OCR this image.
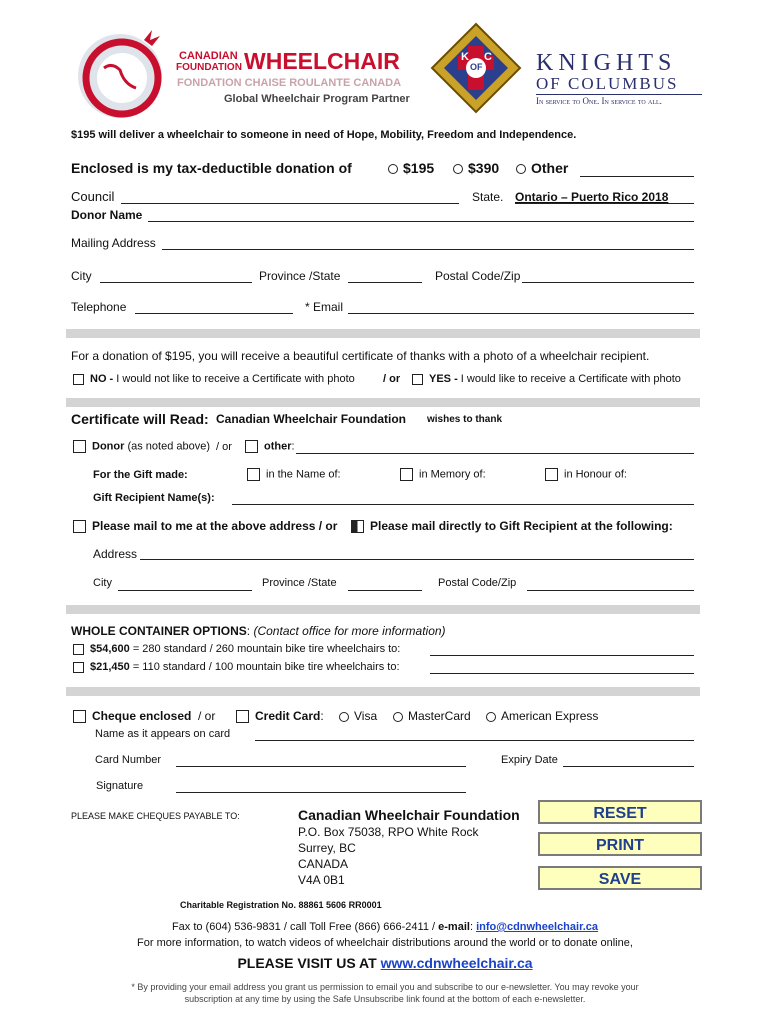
CANADIAN
FOUNDATION WHEELCHAIR
FONDATION CHAISE ROULANTE CANADA
Global Wheelchair Program Partner
K
OF
C KNIGHTS
OF COLUMBUS
In service to One. In service to all.
$195 will deliver a wheelchair to someone in need of Hope, Mobility, Freedom and Independence.
Enclosed is my tax-deductible donation of	$195	$390	Other
Council	State. Ontario – Puerto Rico 2018
Donor Name
Mailing Address
City	Province /State	Postal Code/Zip
Telephone	* Email
For a donation of $195, you will receive a beautiful certificate of thanks with a photo of a wheelchair recipient.
NO - I would not like to receive a Certificate with photo	/ or	YES - I would like to receive a Certificate with photo
Certificate will Read: Canadian Wheelchair Foundation wishes to thank
Donor (as noted above) / or	other:
For the Gift made:	in the Name of:	in Memory of:	in Honour of:
Gift Recipient Name(s):
Please mail to me at the above address / or	Please mail directly to Gift Recipient at the following:
Address
City	Province /State	Postal Code/Zip
WHOLE CONTAINER OPTIONS: (Contact office for more information)
$54,600 = 280 standard / 260 mountain bike tire wheelchairs to:
$21,450 = 110 standard / 100 mountain bike tire wheelchairs to:
Cheque enclosed / or	Credit Card:	Visa	MasterCard	American Express
Name as it appears on card
Card Number	Expiry Date
Signature
PLEASE MAKE CHEQUES PAYABLE TO:	Canadian Wheelchair Foundation
P.O. Box 75038, RPO White Rock
Surrey, BC
CANADA
V4A 0B1
RESET
PRINT
SAVE
Charitable Registration No. 88861 5606 RR0001
Fax to (604) 536-9831 / call Toll Free (866) 666-2411 / e-mail: info@cdnwheelchair.ca
For more information, to watch videos of wheelchair distributions around the world or to donate online,
PLEASE VISIT US AT www.cdnwheelchair.ca
* By providing your email address you grant us permission to email you and subscribe to our e-newsletter. You may revoke your
subscription at any time by using the Safe Unsubscribe link found at the bottom of each e-newsletter.
